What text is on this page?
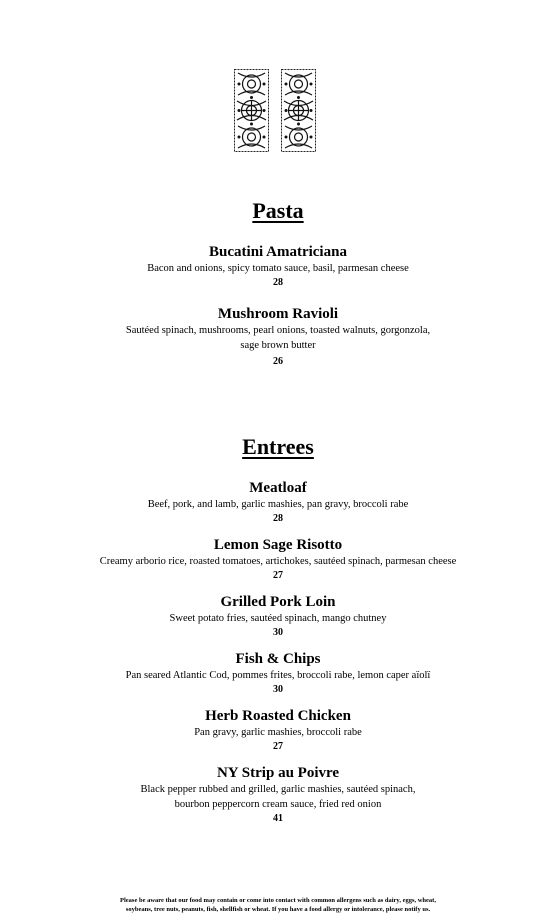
Pasta
Bucatini Amatriciana
Bacon and onions, spicy tomato sauce, basil, parmesan cheese
28
Mushroom Ravioli
Sautéed spinach, mushrooms, pearl onions, toasted walnuts, gorgonzola,
sage brown butter
26
Entrees
Meatloaf
Beef, pork, and lamb, garlic mashies, pan gravy, broccoli rabe
28
Lemon Sage Risotto
Creamy arborio rice, roasted tomatoes, artichokes, sautéed spinach, parmesan cheese
27
Grilled Pork Loin
Sweet potato fries, sautéed spinach, mango chutney
30
Fish & Chips
Pan seared Atlantic Cod, pommes frites, broccoli rabe, lemon caper aïolï
30
Herb Roasted Chicken
Pan gravy, garlic mashies, broccoli rabe
27
NY Strip au Poivre
Black pepper rubbed and grilled, garlic mashies, sautéed spinach,
bourbon peppercorn cream sauce, fried red onion
41
Please be aware that our food may contain or come into contact with common allergens such as dairy, eggs, wheat,
soybeans, tree nuts, peanuts, fish, shellfish or wheat. If you have a food allergy or intolerance, please notify us.
